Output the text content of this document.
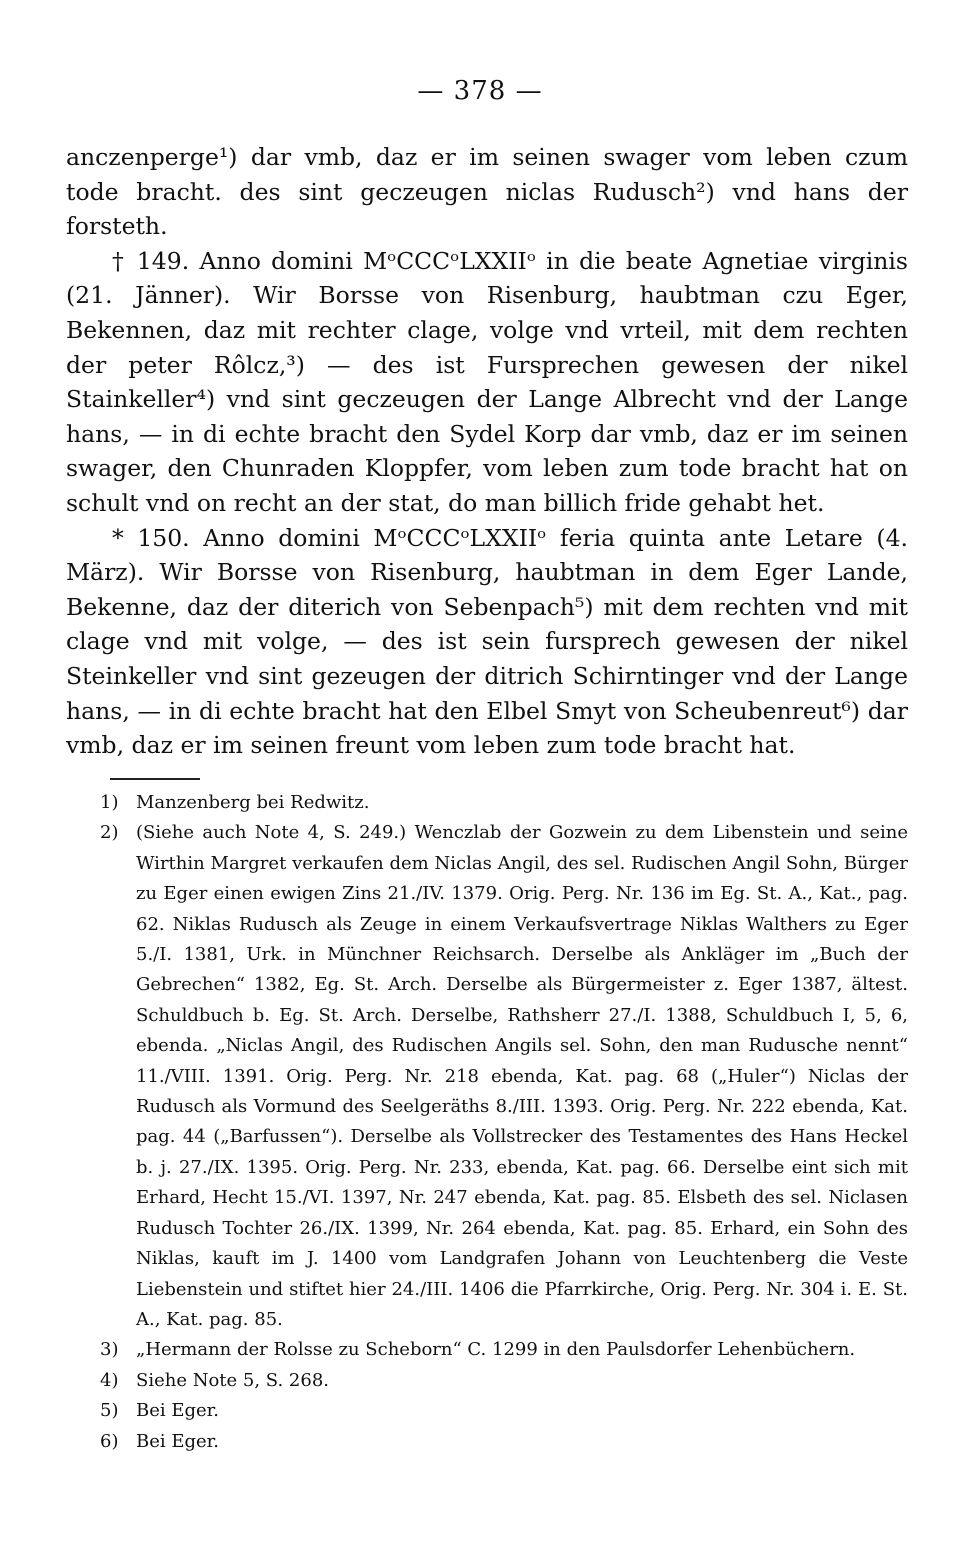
— 378 —

anczenperge¹) dar vmb, daz er im seinen swager vom leben czum tode bracht. des sint geczeugen niclas Rudusch²) vnd hans der forsteth.

† 149. Anno domini MᵒCCCᵒLXXIIᵒ in die beate Agnetiae virginis (21. Jänner). Wir Borsse von Risenburg, haubtman czu Eger, Bekennen, daz mit rechter clage, volge vnd vrteil, mit dem rechten der peter Rôlcz,³) — des ist Fursprechen gewesen der nikel Stainkeller⁴) vnd sint geczeugen der Lange Albrecht vnd der Lange hans, — in di echte bracht den Sydel Korp dar vmb, daz er im seinen swager, den Chunraden Kloppfer, vom leben zum tode bracht hat on schult vnd on recht an der stat, do man billich fride gehabt het.

* 150. Anno domini MᵒCCCᵒLXXIIᵒ feria quinta ante Letare (4. März). Wir Borsse von Risenburg, haubtman in dem Eger Lande, Bekenne, daz der diterich von Sebenpach⁵) mit dem rechten vnd mit clage vnd mit volge, — des ist sein fursprech gewesen der nikel Steinkeller vnd sint gezeugen der ditrich Schirntinger vnd der Lange hans, — in di echte bracht hat den Elbel Smyt von Scheubenreut⁶) dar vmb, daz er im seinen freunt vom leben zum tode bracht hat.

1) Manzenberg bei Redwitz.
2) (Siehe auch Note 4, S. 249.) Wenczlab der Gozwein zu dem Libenstein und seine Wirthin Margret verkaufen dem Niclas Angil, des sel. Rudischen Angil Sohn, Bürger zu Eger einen ewigen Zins 21./IV. 1379. Orig. Perg. Nr. 136 im Eg. St. A., Kat., pag. 62. Niklas Rudusch als Zeuge in einem Verkaufsvertrage Niklas Walthers zu Eger 5./I. 1381, Urk. in Münchner Reichsarch. Derselbe als Ankläger im „Buch der Gebrechen“ 1382, Eg. St. Arch. Derselbe als Bürgermeister z. Eger 1387, ältest. Schuldbuch b. Eg. St. Arch. Derselbe, Rathsherr 27./I. 1388, Schuldbuch I, 5, 6, ebenda. „Niclas Angil, des Rudischen Angils sel. Sohn, den man Rudusche nennt“ 11./VIII. 1391. Orig. Perg. Nr. 218 ebenda, Kat. pag. 68 („Huler“) Niclas der Rudusch als Vormund des Seelgeräths 8./III. 1393. Orig. Perg. Nr. 222 ebenda, Kat. pag. 44 („Barfussen“). Derselbe als Vollstrecker des Testamentes des Hans Heckel b. j. 27./IX. 1395. Orig. Perg. Nr. 233, ebenda, Kat. pag. 66. Derselbe eint sich mit Erhard, Hecht 15./VI. 1397, Nr. 247 ebenda, Kat. pag. 85. Elsbeth des sel. Niclasen Rudusch Tochter 26./IX. 1399, Nr. 264 ebenda, Kat. pag. 85. Erhard, ein Sohn des Niklas, kauft im J. 1400 vom Landgrafen Johann von Leuchtenberg die Veste Liebenstein und stiftet hier 24./III. 1406 die Pfarrkirche, Orig. Perg. Nr. 304 i. E. St. A., Kat. pag. 85.
3) „Hermann der Rolsse zu Scheborn“ C. 1299 in den Paulsdorfer Lehenbüchern.
4) Siehe Note 5, S. 268.
5) Bei Eger.
6) Bei Eger.
